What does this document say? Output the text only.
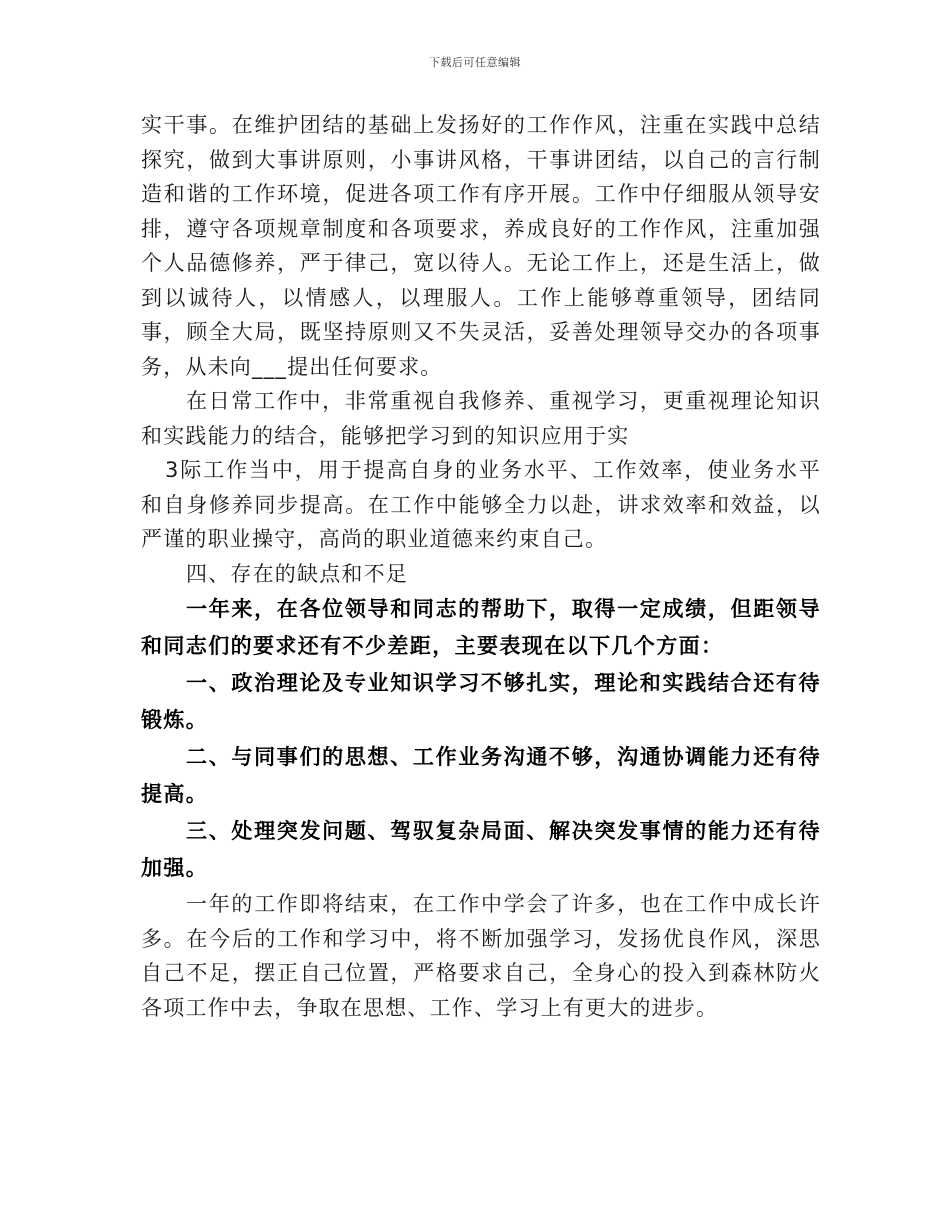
下载后可任意编辑

实干事。在维护团结的基础上发扬好的工作作风，注重在实践中总结探究，做到大事讲原则，小事讲风格，干事讲团结，以自己的言行制造和谐的工作环境，促进各项工作有序开展。工作中仔细服从领导安排，遵守各项规章制度和各项要求，养成良好的工作作风，注重加强个人品德修养，严于律己，宽以待人。无论工作上，还是生活上，做到以诚待人，以情感人，以理服人。工作上能够尊重领导，团结同事，顾全大局，既坚持原则又不失灵活，妥善处理领导交办的各项事务，从未向___提出任何要求。

在日常工作中，非常重视自我修养、重视学习，更重视理论知识和实践能力的结合，能够把学习到的知识应用于实

3际工作当中，用于提高自身的业务水平、工作效率，使业务水平和自身修养同步提高。在工作中能够全力以赴，讲求效率和效益，以严谨的职业操守，高尚的职业道德来约束自己。

四、存在的缺点和不足

一年来，在各位领导和同志的帮助下，取得一定成绩，但距领导和同志们的要求还有不少差距，主要表现在以下几个方面：

一、政治理论及专业知识学习不够扎实，理论和实践结合还有待锻炼。

二、与同事们的思想、工作业务沟通不够，沟通协调能力还有待提高。

三、处理突发问题、驾驭复杂局面、解决突发事情的能力还有待加强。

一年的工作即将结束，在工作中学会了许多，也在工作中成长许多。在今后的工作和学习中，将不断加强学习，发扬优良作风，深思自己不足，摆正自己位置，严格要求自己，全身心的投入到森林防火各项工作中去，争取在思想、工作、学习上有更大的进步。
